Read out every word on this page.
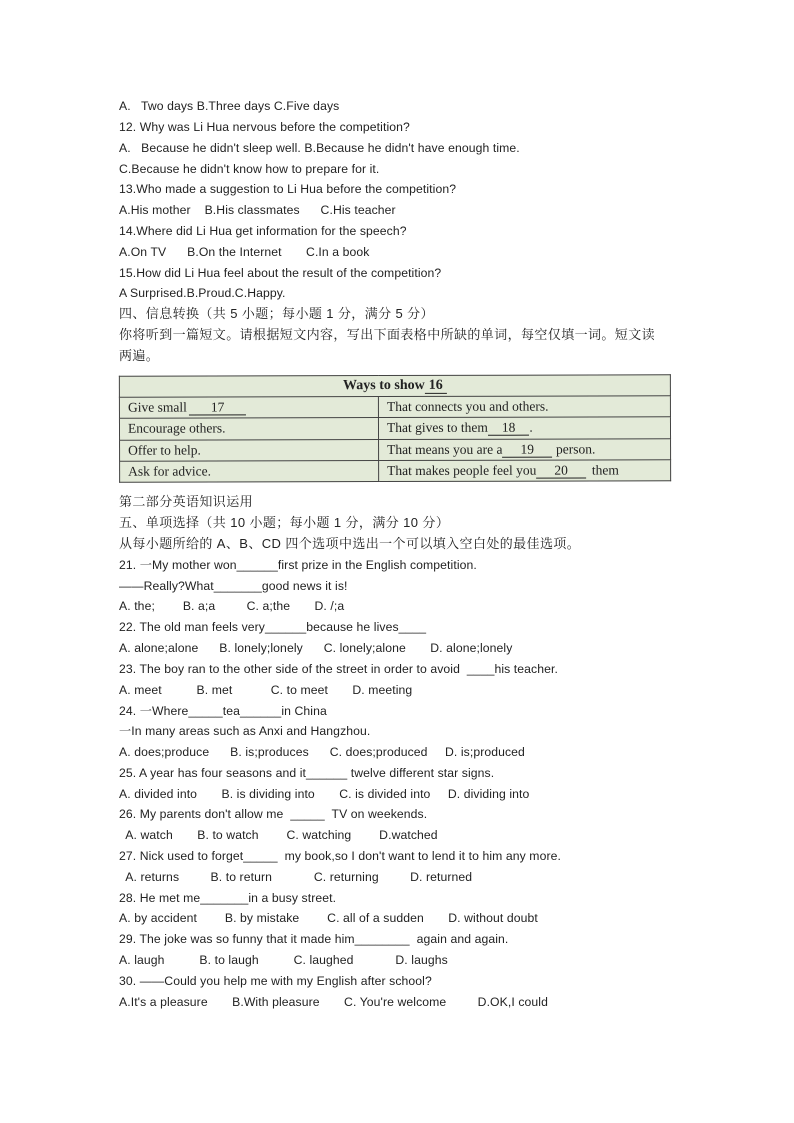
A.   Two days B.Three days C.Five days
12. Why was Li Hua nervous before the competition?
A.   Because he didn't sleep well. B.Because he didn't have enough time.
C.Because he didn't know how to prepare for it.
13.Who made a suggestion to Li Hua before the competition?
A.His mother    B.His classmates      C.His teacher
14.Where did Li Hua get information for the speech?
A.On TV      B.On the Internet       C.In a book
15.How did Li Hua feel about the result of the competition?
A Surprised.B.Proud.C.Happy.
四、信息转换（共 5 小题；每小题 1 分，满分 5 分）
你将听到一篇短文。请根据短文内容，写出下面表格中所缺的单词，每空仅填一词。短文读
两遍。
Ways to show 16	
Give small 17	That connects you and others.
Encourage others.	That gives to them 18 .
Offer to help.	That means you are a 19 person.
Ask for advice.	That makes people feel you 20 them
第二部分英语知识运用
五、单项选择（共 10 小题；每小题 1 分，满分 10 分）
从每小题所给的 A、B、CD 四个选项中选出一个可以填入空白处的最佳选项。
21. 一My mother won______first prize in the English competition.
——Really?What_______good news it is!
A. the;        B. a;a         C. a;the       D. /;a
22. The old man feels very______because he lives____
A. alone;alone      B. lonely;lonely      C. lonely;alone       D. alone;lonely
23. The boy ran to the other side of the street in order to avoid  ____his teacher.
A. meet          B. met           C. to meet       D. meeting
24. 一Where_____tea______in China
一In many areas such as Anxi and Hangzhou.
A. does;produce      B. is;produces      C. does;produced     D. is;produced
25. A year has four seasons and it______ twelve different star signs.
A. divided into       B. is dividing into       C. is divided into     D. dividing into
26. My parents don't allow me  _____  TV on weekends.
A. watch       B. to watch        C. watching        D.watched
27. Nick used to forget_____  my book,so I don't want to lend it to him any more.
A. returns         B. to return            C. returning         D. returned
28. He met me_______in a busy street.
A. by accident        B. by mistake        C. all of a sudden       D. without doubt
29. The joke was so funny that it made him________  again and again.
A. laugh          B. to laugh          C. laughed            D. laughs
30. ——Could you help me with my English after school?
A.It's a pleasure       B.With pleasure       C. You're welcome         D.OK,I could
